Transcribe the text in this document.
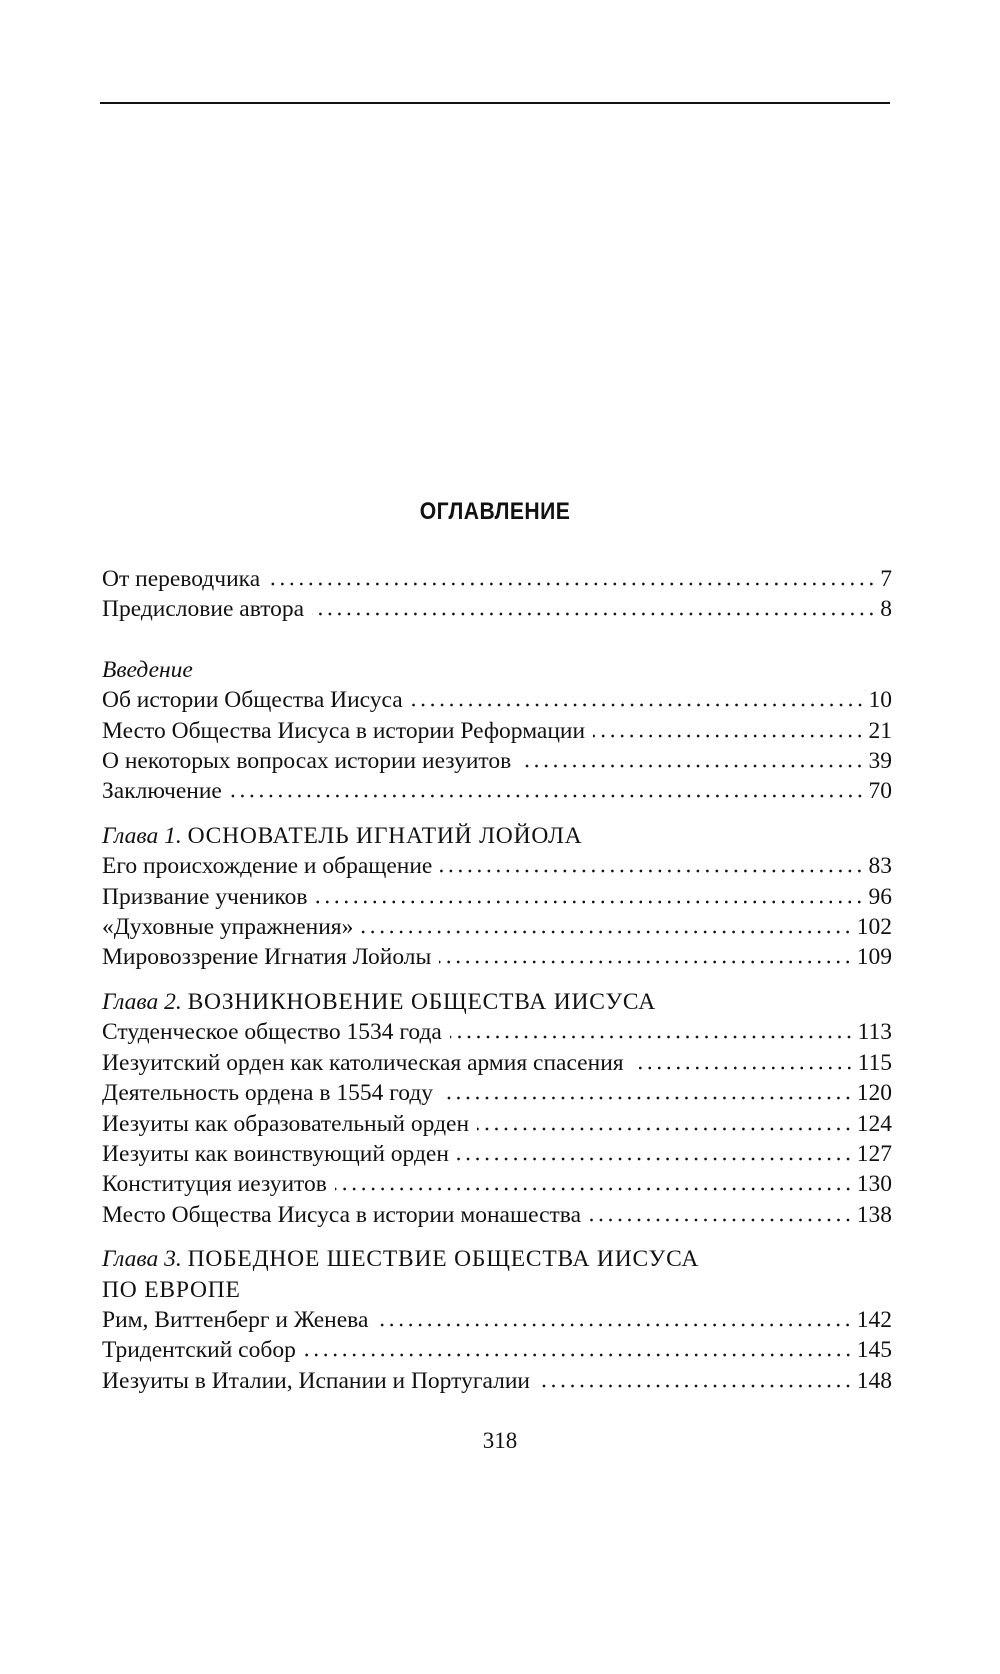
ОГЛАВЛЕНИЕ
От переводчика	7
Предисловие автора	8
Введение
Об истории Общества Иисуса	10
Место Общества Иисуса в истории Реформации	21
О некоторых вопросах истории иезуитов	39
Заключение	70
Глава 1. ОСНОВАТЕЛЬ ИГНАТИЙ ЛОЙОЛА
Его происхождение и обращение	83
Призвание учеников	96
«Духовные упражнения»	102
Мировоззрение Игнатия Лойолы	109
Глава 2. ВОЗНИКНОВЕНИЕ ОБЩЕСТВА ИИСУСА
Студенческое общество 1534 года	113
Иезуитский орден как католическая армия спасения	115
Деятельность ордена в 1554 году	120
Иезуиты как образовательный орден	124
Иезуиты как воинствующий орден	127
Конституция иезуитов	130
Место Общества Иисуса в истории монашества	138
Глава 3. ПОБЕДНОЕ ШЕСТВИЕ ОБЩЕСТВА ИИСУСА
ПО ЕВРОПЕ
Рим, Виттенберг и Женева	142
Тридентский собор	145
Иезуиты в Италии, Испании и Португалии	148
318
